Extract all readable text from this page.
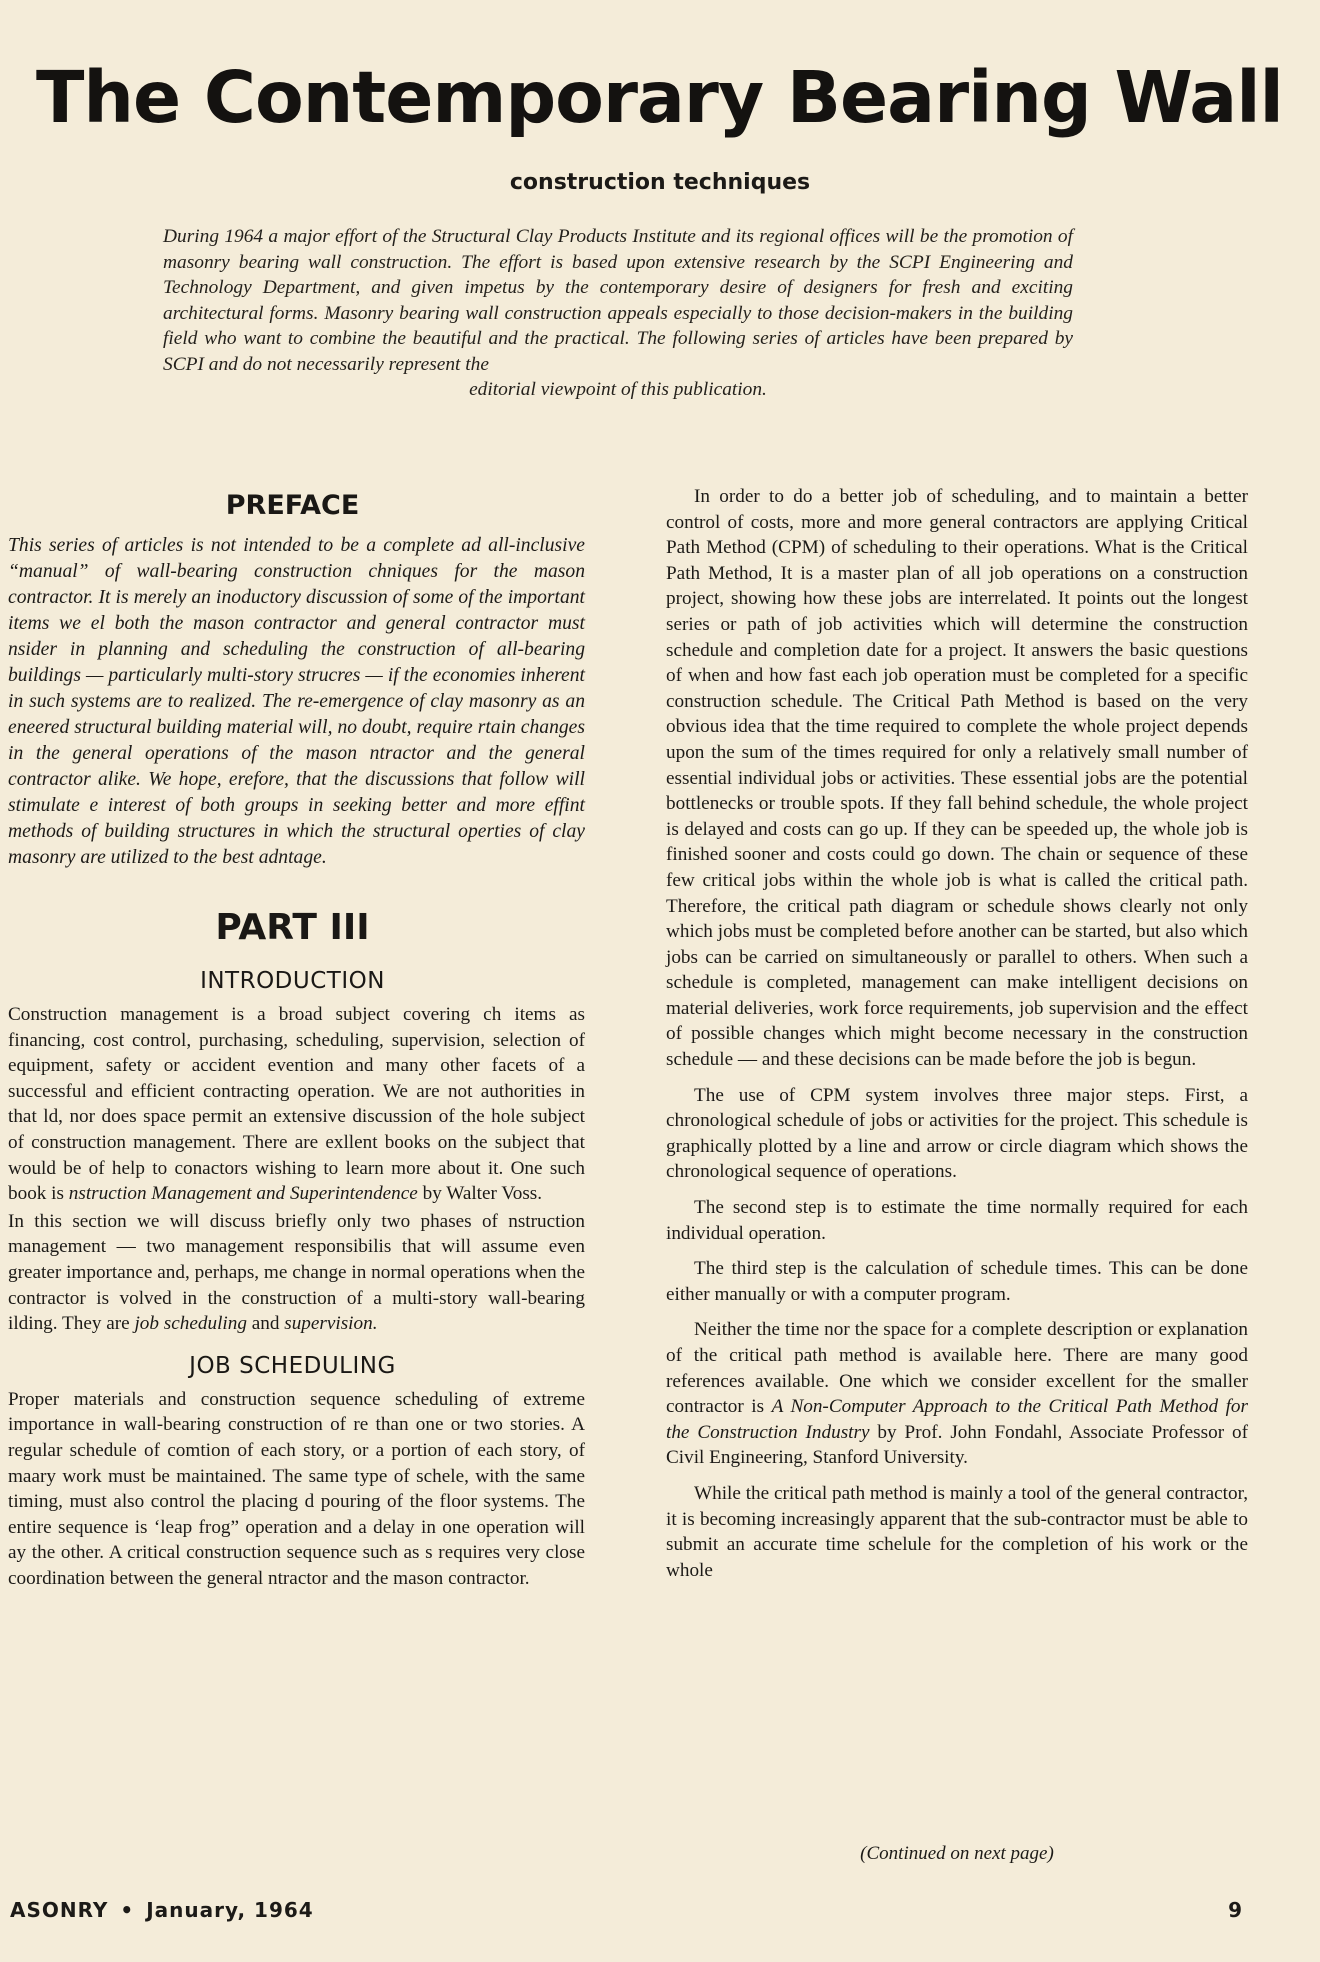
The Contemporary Bearing Wall
construction techniques
During 1964 a major effort of the Structural Clay Products Institute and its regional offices will be the promotion of masonry bearing wall construction. The effort is based upon extensive research by the SCPI Engineering and Technology Department, and given impetus by the contemporary desire of designers for fresh and exciting architectural forms. Masonry bearing wall construction appeals especially to those decision-makers in the building field who want to combine the beautiful and the practical. The following series of articles have been prepared by SCPI and do not necessarily represent the
editorial viewpoint of this publication.
PREFACE

This series of articles is not intended to be a complete ad all-inclusive “manual” of wall-bearing construction chniques for the mason contractor. It is merely an inoductory discussion of some of the important items we el both the mason contractor and general contractor must nsider in planning and scheduling the construction of all-bearing buildings — particularly multi-story strucres — if the economies inherent in such systems are to realized. The re-emergence of clay masonry as an eneered structural building material will, no doubt, require rtain changes in the general operations of the mason ntractor and the general contractor alike. We hope, erefore, that the discussions that follow will stimulate e interest of both groups in seeking better and more effint methods of building structures in which the structural operties of clay masonry are utilized to the best adntage.

PART III
INTRODUCTION

Construction management is a broad subject covering ch items as financing, cost control, purchasing, scheduling, supervision, selection of equipment, safety or accident evention and many other facets of a successful and efficient contracting operation. We are not authorities in that ld, nor does space permit an extensive discussion of the hole subject of construction management. There are exllent books on the subject that would be of help to conactors wishing to learn more about it. One such book is nstruction Management and Superintendence by Walter Voss.

In this section we will discuss briefly only two phases of nstruction management — two management responsibilis that will assume even greater importance and, perhaps, me change in normal operations when the contractor is volved in the construction of a multi-story wall-bearing ilding. They are job scheduling and supervision.

JOB SCHEDULING

Proper materials and construction sequence scheduling of extreme importance in wall-bearing construction of re than one or two stories. A regular schedule of comtion of each story, or a portion of each story, of maary work must be maintained. The same type of schele, with the same timing, must also control the placing d pouring of the floor systems. The entire sequence is ‘leap frog” operation and a delay in one operation will ay the other. A critical construction sequence such as s requires very close coordination between the general ntractor and the mason contractor.

In order to do a better job of scheduling, and to maintain a better control of costs, more and more general contractors are applying Critical Path Method (CPM) of scheduling to their operations. What is the Critical Path Method, It is a master plan of all job operations on a construction project, showing how these jobs are interrelated. It points out the longest series or path of job activities which will determine the construction schedule and completion date for a project. It answers the basic questions of when and how fast each job operation must be completed for a specific construction schedule. The Critical Path Method is based on the very obvious idea that the time required to complete the whole project depends upon the sum of the times required for only a relatively small number of essential individual jobs or activities. These essential jobs are the potential bottlenecks or trouble spots. If they fall behind schedule, the whole project is delayed and costs can go up. If they can be speeded up, the whole job is finished sooner and costs could go down. The chain or sequence of these few critical jobs within the whole job is what is called the critical path. Therefore, the critical path diagram or schedule shows clearly not only which jobs must be completed before another can be started, but also which jobs can be carried on simultaneously or parallel to others. When such a schedule is completed, management can make intelligent decisions on material deliveries, work force requirements, job supervision and the effect of possible changes which might become necessary in the construction schedule — and these decisions can be made before the job is begun.

The use of CPM system involves three major steps. First, a chronological schedule of jobs or activities for the project. This schedule is graphically plotted by a line and arrow or circle diagram which shows the chronological sequence of operations.

The second step is to estimate the time normally required for each individual operation.

The third step is the calculation of schedule times. This can be done either manually or with a computer program.

Neither the time nor the space for a complete description or explanation of the critical path method is available here. There are many good references available. One which we consider excellent for the smaller contractor is A Non-Computer Approach to the Critical Path Method for the Construction Industry by Prof. John Fondahl, Associate Professor of Civil Engineering, Stanford University.

While the critical path method is mainly a tool of the general contractor, it is becoming increasingly apparent that the sub-contractor must be able to submit an accurate time schelule for the completion of his work or the whole

(Continued on next page)
ASONRY • January, 1964	9
